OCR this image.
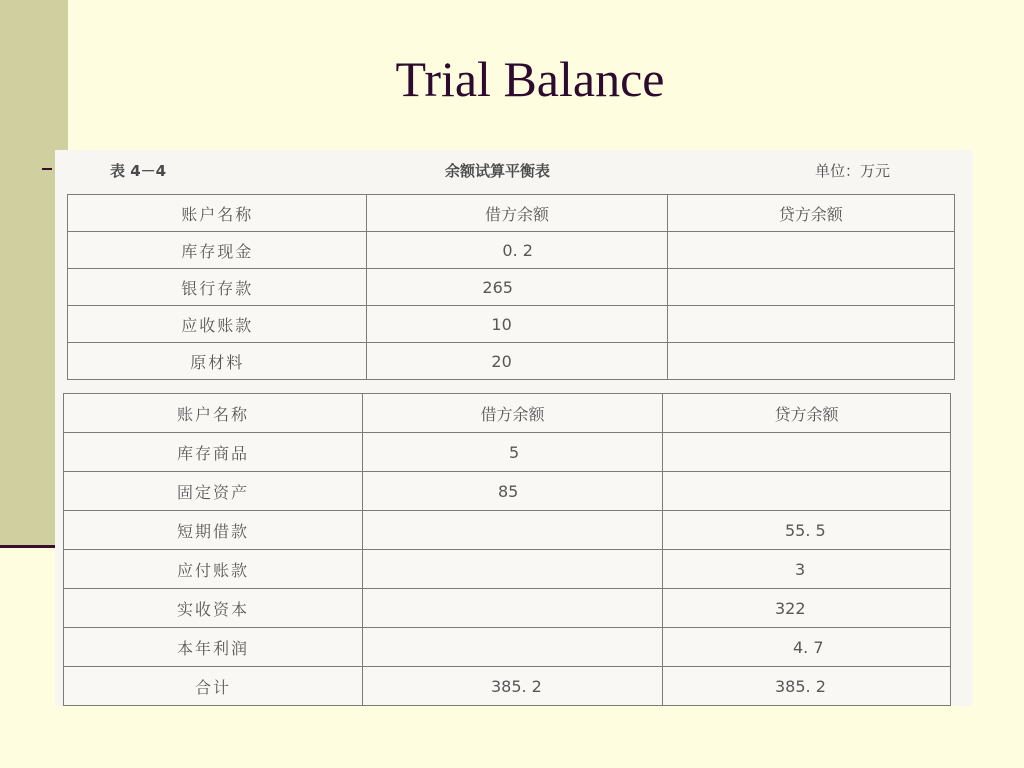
Trial Balance
表 4－4	余额试算平衡表	单位：万元
账户名称	借方余额	贷方余额
库存现金	0. 2	
银行存款	265	
应收账款	10	
原材料	20	
账户名称	借方余额	贷方余额
库存商品	5	
固定资产	85	
短期借款		55. 5
应付账款		3
实收资本		322
本年利润		4. 7
合计	385. 2	385. 2
